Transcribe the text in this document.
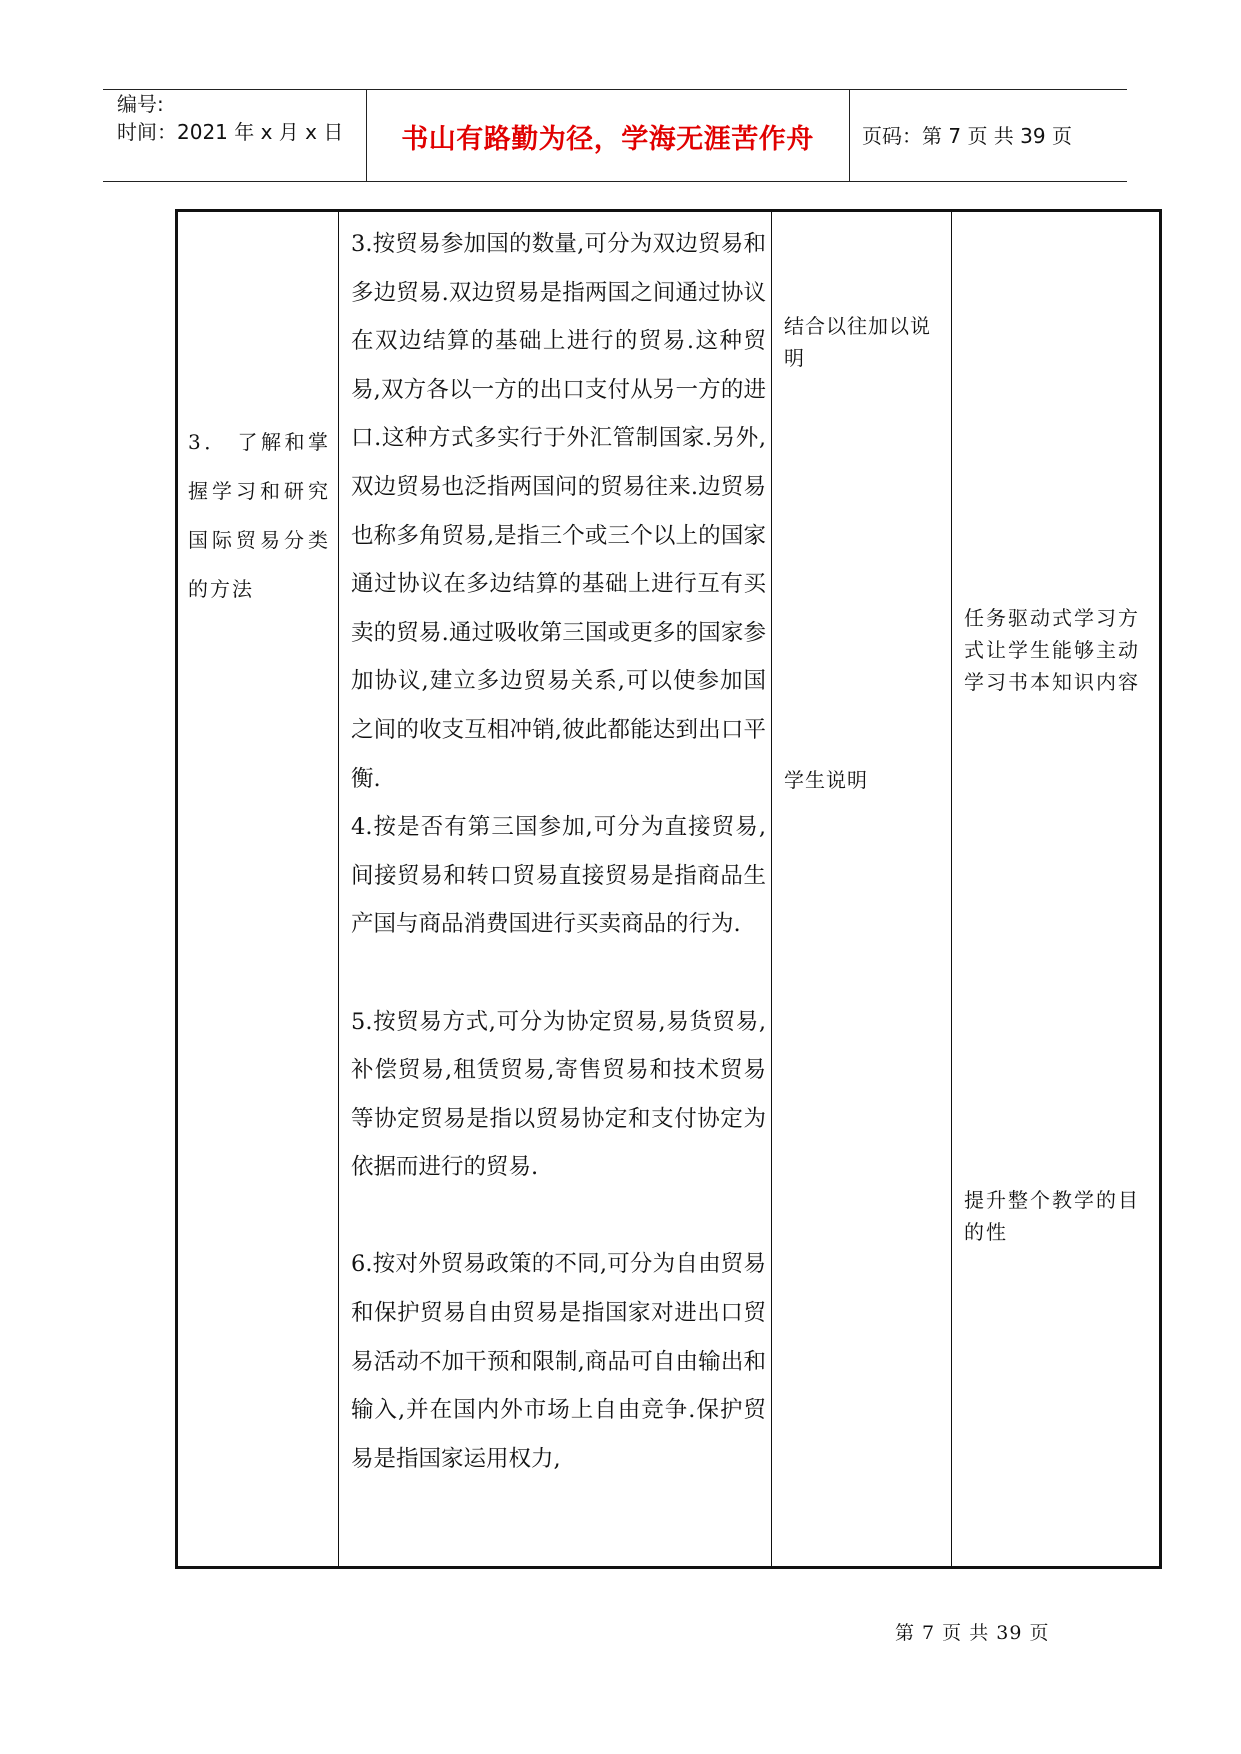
编号:
时间：2021 年 x 月 x 日	书山有路勤为径，学海无涯苦作舟	页码：第 7 页 共 39 页
3． 了解和掌握学习和研究国际贸易分类的方法

3.按贸易参加国的数量,可分为双边贸易和多边贸易.双边贸易是指两国之间通过协议在双边结算的基础上进行的贸易.这种贸易,双方各以一方的出口支付从另一方的进口.这种方式多实行于外汇管制国家.另外,双边贸易也泛指两国问的贸易往来.边贸易也称多角贸易,是指三个或三个以上的国家通过协议在多边结算的基础上进行互有买卖的贸易.通过吸收第三国或更多的国家参加协议,建立多边贸易关系,可以使参加国之间的收支互相冲销,彼此都能达到出口平衡.

4.按是否有第三国参加,可分为直接贸易,间接贸易和转口贸易直接贸易是指商品生产国与商品消费国进行买卖商品的行为.

5.按贸易方式,可分为协定贸易,易货贸易,补偿贸易,租赁贸易,寄售贸易和技术贸易等协定贸易是指以贸易协定和支付协定为依据而进行的贸易.

6.按对外贸易政策的不同,可分为自由贸易和保护贸易自由贸易是指国家对进出口贸易活动不加干预和限制,商品可自由输出和输入,并在国内外市场上自由竞争.保护贸易是指国家运用权力,

结合以往加以说明
学生说明
任务驱动式学习方式让学生能够主动学习书本知识内容
提升整个教学的目的性
第 7 页 共 39 页
